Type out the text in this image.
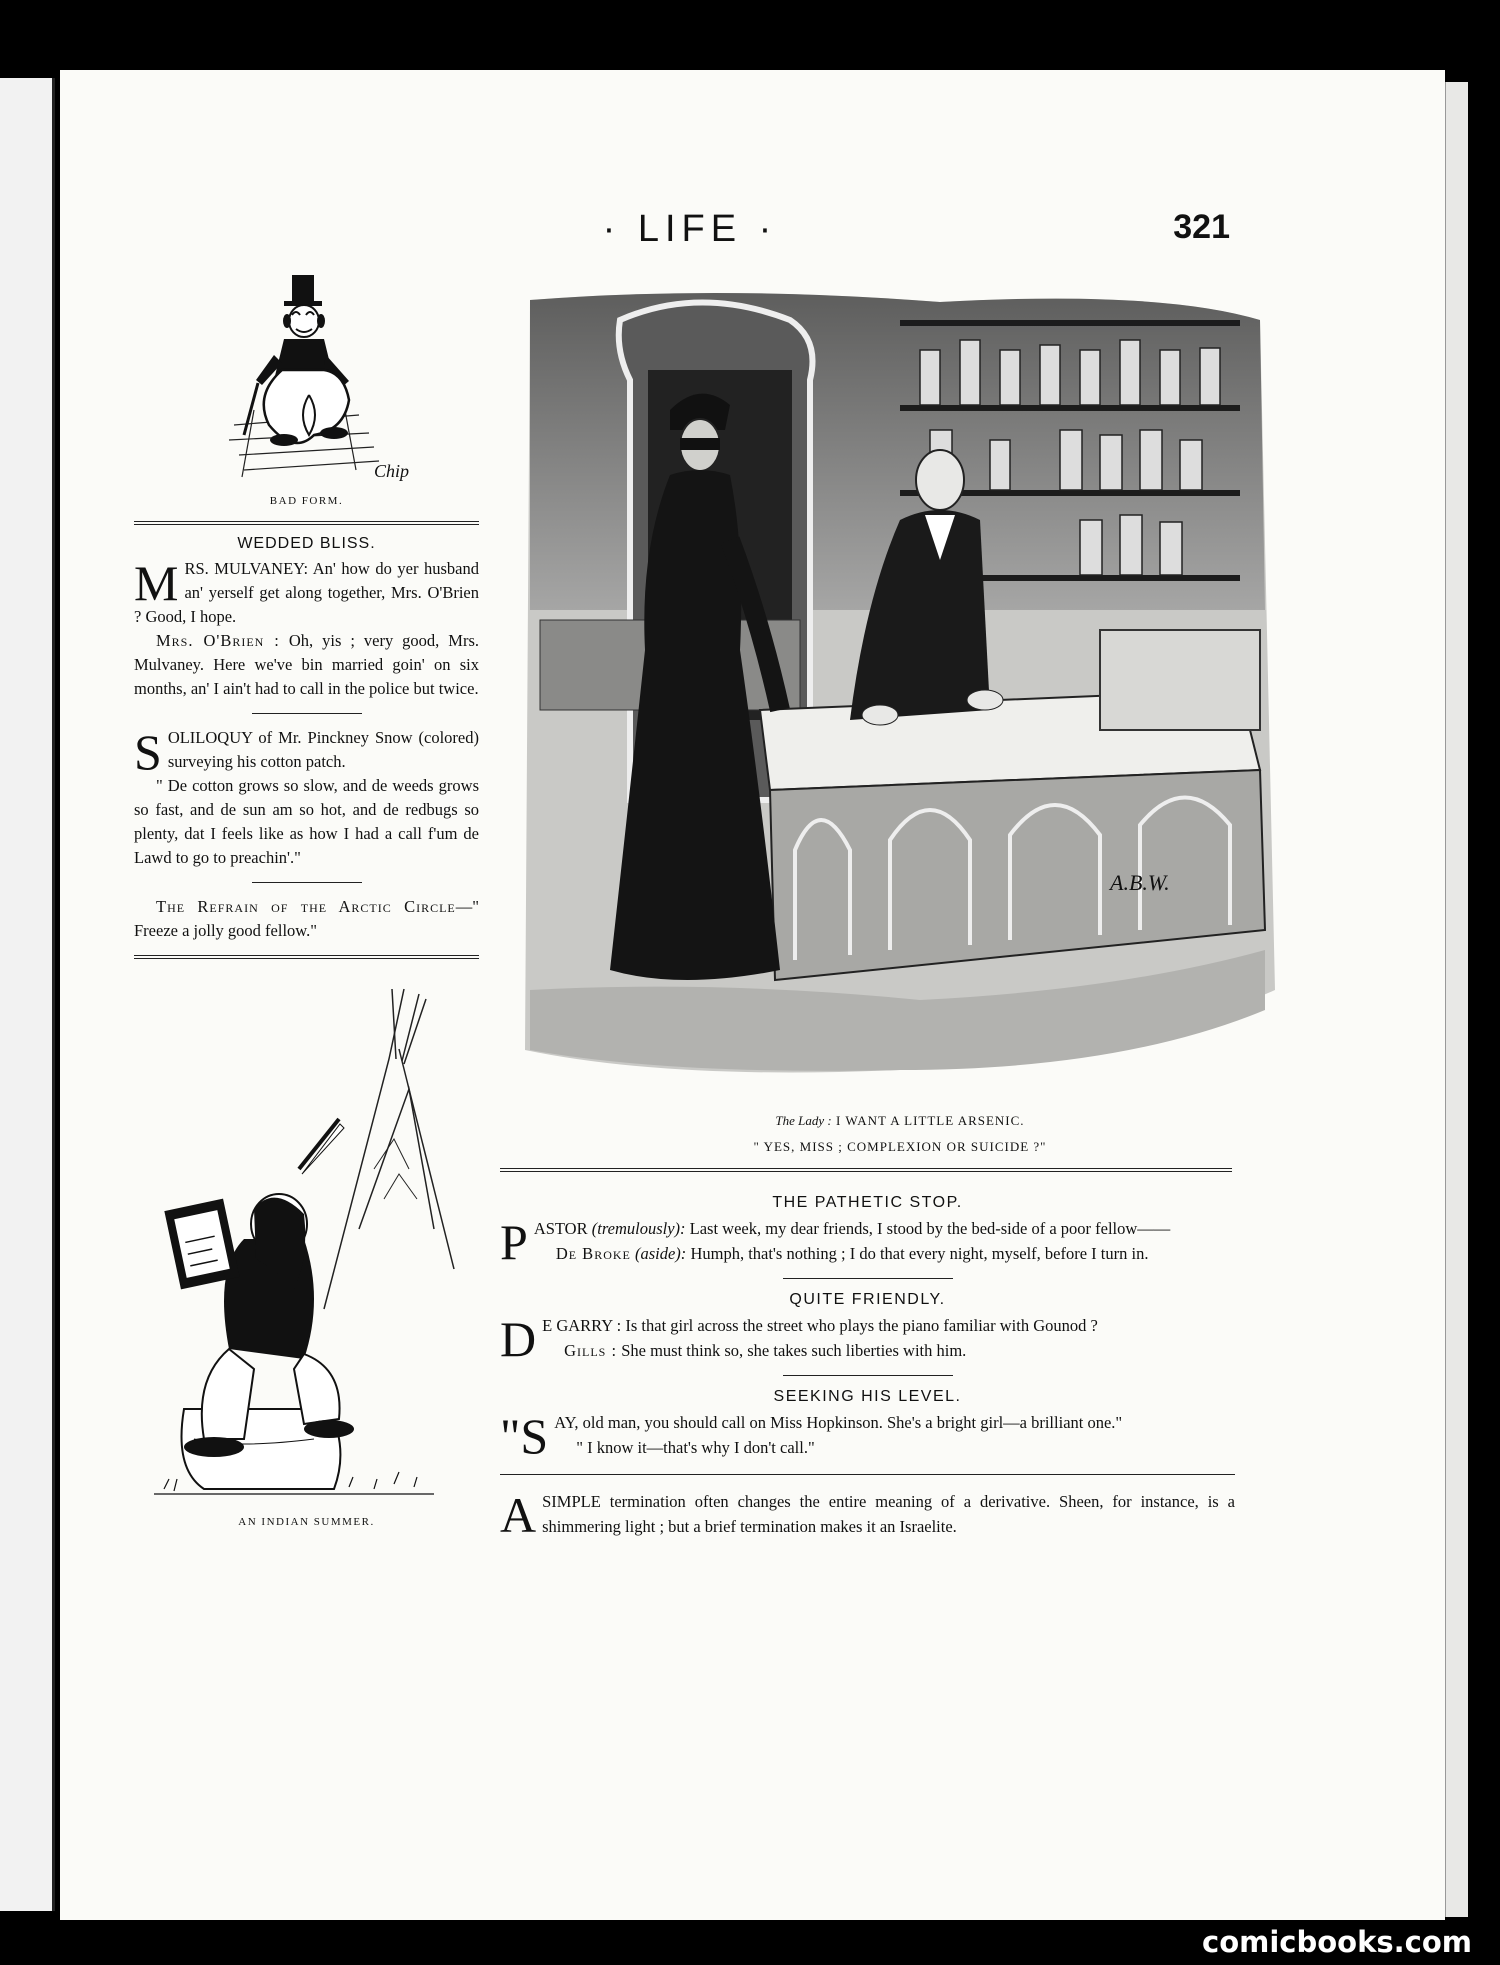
· LIFE ·	321
Chip
BAD FORM.
WEDDED BLISS.

MRS. MULVANEY: An' how do yer husband an' yerself get along together, Mrs. O'Brien ? Good, I hope.

Mrs. O'Brien : Oh, yis ; very good, Mrs. Mulvaney. Here we've bin married goin' on six months, an' I ain't had to call in the police but twice.

SOLILOQUY of Mr. Pinckney Snow (colored) surveying his cotton patch.

" De cotton grows so slow, and de weeds grows so fast, and de sun am so hot, and de redbugs so plenty, dat I feels like as how I had a call f'um de Lawd to go to preachin'."

The Refrain of the Arctic Circle—" Freeze a jolly good fellow."

AN INDIAN SUMMER.
A.B.W.
The Lady : I WANT A LITTLE ARSENIC.
" YES, MISS ; COMPLEXION OR SUICIDE ?"
THE PATHETIC STOP.

PASTOR (tremulously): Last week, my dear friends, I stood by the bed-side of a poor fellow——

De Broke (aside): Humph, that's nothing ; I do that every night, myself, before I turn in.

QUITE FRIENDLY.

D E GARRY : Is that girl across the street who plays the piano familiar with Gounod ?

Gills : She must think so, she takes such liberties with him.

SEEKING HIS LEVEL.

"SAY, old man, you should call on Miss Hopkinson. She's a bright girl—a brilliant one."

" I know it—that's why I don't call."

ASIMPLE termination often changes the entire meaning of a derivative. Sheen, for instance, is a shimmering light ; but a brief termination makes it an Israelite.

comicbooks.com
